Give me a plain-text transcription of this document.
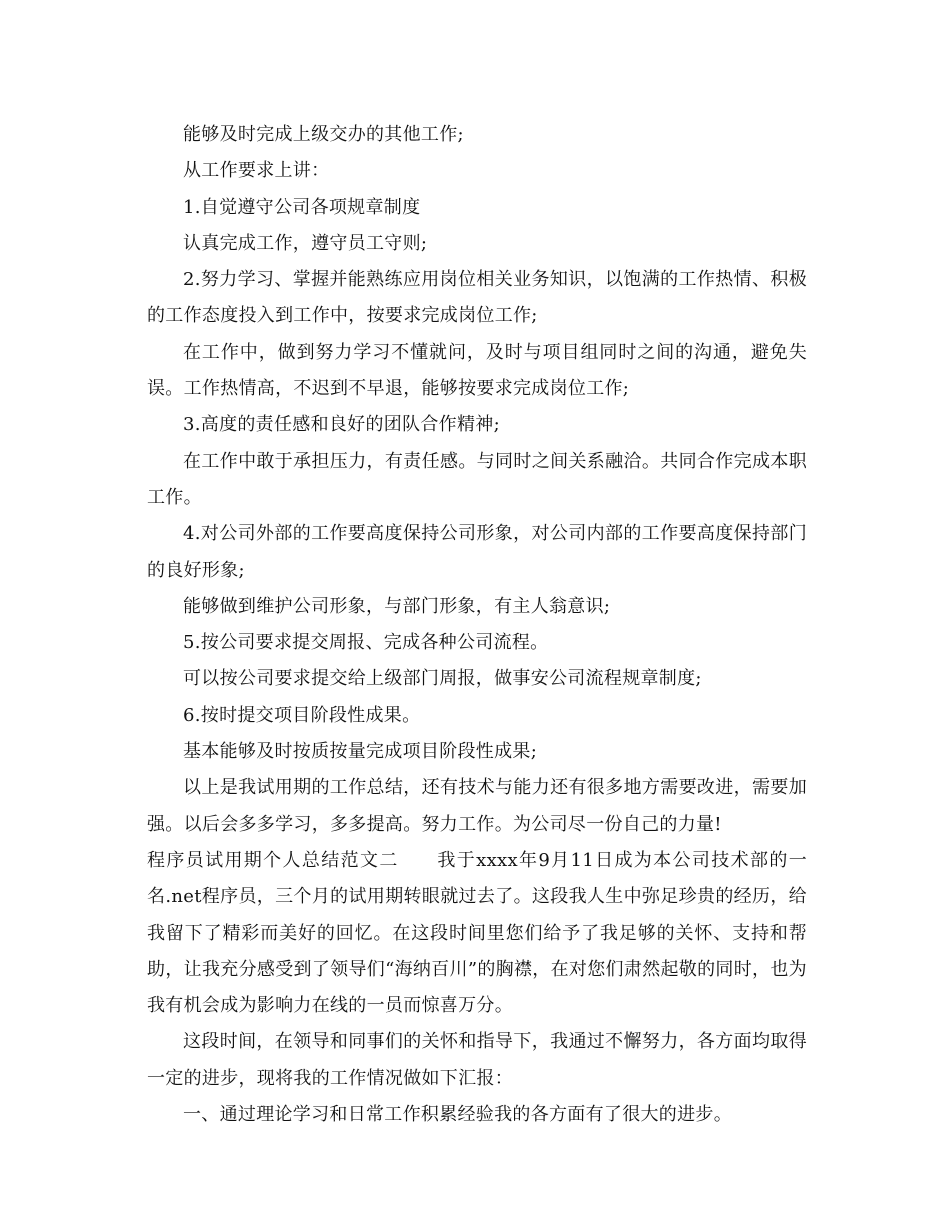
能够及时完成上级交办的其他工作;

从工作要求上讲：

1.自觉遵守公司各项规章制度

认真完成工作，遵守员工守则;

2.努力学习、掌握并能熟练应用岗位相关业务知识，以饱满的工作热情、积极的工作态度投入到工作中，按要求完成岗位工作;

在工作中，做到努力学习不懂就问，及时与项目组同时之间的沟通，避免失误。工作热情高，不迟到不早退，能够按要求完成岗位工作;

3.高度的责任感和良好的团队合作精神;

在工作中敢于承担压力，有责任感。与同时之间关系融洽。共同合作完成本职工作。

4.对公司外部的工作要高度保持公司形象，对公司内部的工作要高度保持部门的良好形象;

能够做到维护公司形象，与部门形象，有主人翁意识;

5.按公司要求提交周报、完成各种公司流程。

可以按公司要求提交给上级部门周报，做事安公司流程规章制度;

6.按时提交项目阶段性成果。

基本能够及时按质按量完成项目阶段性成果;

以上是我试用期的工作总结，还有技术与能力还有很多地方需要改进，需要加强。以后会多多学习，多多提高。努力工作。为公司尽一份自己的力量!

程序员试用期个人总结范文二　　我于xxxx年9月11日成为本公司技术部的一名.net程序员，三个月的试用期转眼就过去了。这段我人生中弥足珍贵的经历，给我留下了精彩而美好的回忆。在这段时间里您们给予了我足够的关怀、支持和帮助，让我充分感受到了领导们“海纳百川”的胸襟，在对您们肃然起敬的同时，也为我有机会成为影响力在线的一员而惊喜万分。

这段时间，在领导和同事们的关怀和指导下，我通过不懈努力，各方面均取得一定的进步，现将我的工作情况做如下汇报：

一、通过理论学习和日常工作积累经验我的各方面有了很大的进步。
